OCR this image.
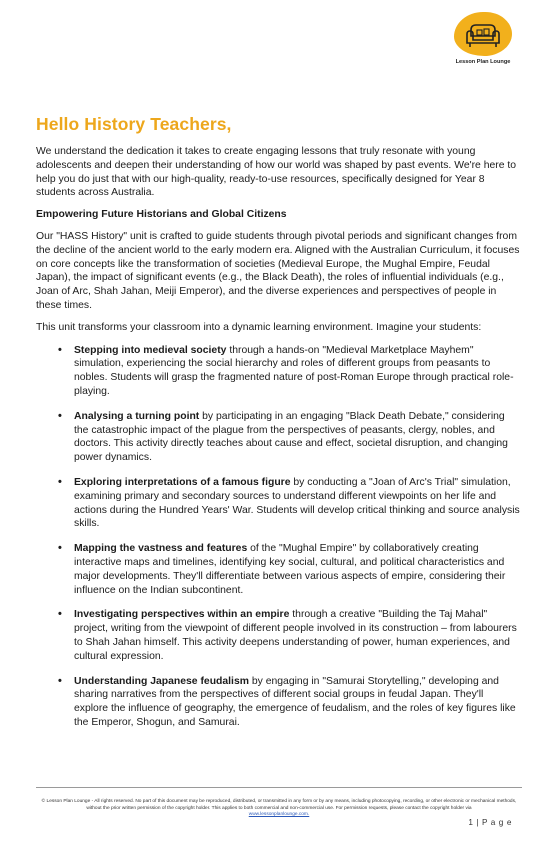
Lesson Plan Lounge
Hello History Teachers,

We understand the dedication it takes to create engaging lessons that truly resonate with young adolescents and deepen their understanding of how our world was shaped by past events. We're here to help you do just that with our high-quality, ready-to-use resources, specifically designed for Year 8 students across Australia.

Empowering Future Historians and Global Citizens

Our "HASS History" unit is crafted to guide students through pivotal periods and significant changes from the decline of the ancient world to the early modern era. Aligned with the Australian Curriculum, it focuses on core concepts like the transformation of societies (Medieval Europe, the Mughal Empire, Feudal Japan), the impact of significant events (e.g., the Black Death), the roles of influential individuals (e.g., Joan of Arc, Shah Jahan, Meiji Emperor), and the diverse experiences and perspectives of people in these times.

This unit transforms your classroom into a dynamic learning environment. Imagine your students:

• Stepping into medieval society through a hands-on "Medieval Marketplace Mayhem" simulation, experiencing the social hierarchy and roles of different groups from peasants to nobles. Students will grasp the fragmented nature of post-Roman Europe through practical role-playing.
• Analysing a turning point by participating in an engaging "Black Death Debate," considering the catastrophic impact of the plague from the perspectives of peasants, clergy, nobles, and doctors. This activity directly teaches about cause and effect, societal disruption, and changing power dynamics.
• Exploring interpretations of a famous figure by conducting a "Joan of Arc's Trial" simulation, examining primary and secondary sources to understand different viewpoints on her life and actions during the Hundred Years' War. Students will develop critical thinking and source analysis skills.
• Mapping the vastness and features of the "Mughal Empire" by collaboratively creating interactive maps and timelines, identifying key social, cultural, and political characteristics and major developments. They'll differentiate between various aspects of empire, considering their influence on the Indian subcontinent.
• Investigating perspectives within an empire through a creative "Building the Taj Mahal" project, writing from the viewpoint of different people involved in its construction – from labourers to Shah Jahan himself. This activity deepens understanding of power, human experiences, and cultural expression.
• Understanding Japanese feudalism by engaging in "Samurai Storytelling," developing and sharing narratives from the perspectives of different social groups in feudal Japan. They'll explore the influence of geography, the emergence of feudalism, and the roles of key figures like the Emperor, Shogun, and Samurai.
© Lesson Plan Lounge - All rights reserved. No part of this document may be reproduced, distributed, or transmitted in any form or by any means, including photocopying, recording, or other electronic or mechanical methods, without the prior written permission of the copyright holder. This applies to both commercial and non-commercial use. For permission requests, please contact the copyright holder via
www.lessonplanlounge.com.
1 | P a g e
